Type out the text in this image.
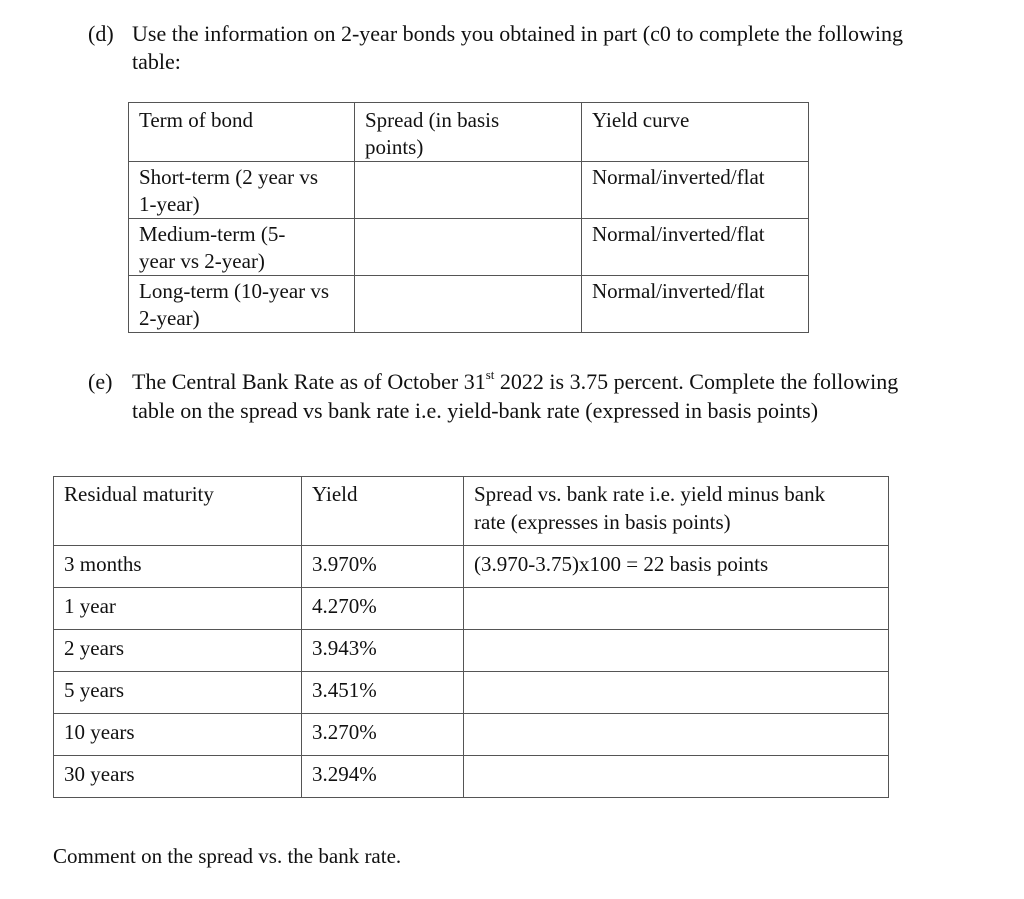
(d) Use the information on 2-year bonds you obtained in part (c0 to complete the following
table:
Term of bond	Spread (in basis points)	Yield curve

Short-term (2 year vs 1-year)		Normal/inverted/flat

Medium-term (5-year vs 2-year)		Normal/inverted/flat

Long-term (10-year vs 2-year)		Normal/inverted/flat
(e) The Central Bank Rate as of October 31st 2022 is 3.75 percent. Complete the following
table on the spread vs bank rate i.e. yield-bank rate (expressed in basis points)
Residual maturity	Yield	Spread vs. bank rate i.e. yield minus bank rate (expresses in basis points)

3 months	3.970%	(3.970-3.75)x100 = 22 basis points

1 year	4.270%	

2 years	3.943%	

5 years	3.451%	

10 years	3.270%	

30 years	3.294%	

Comment on the spread vs. the bank rate.
